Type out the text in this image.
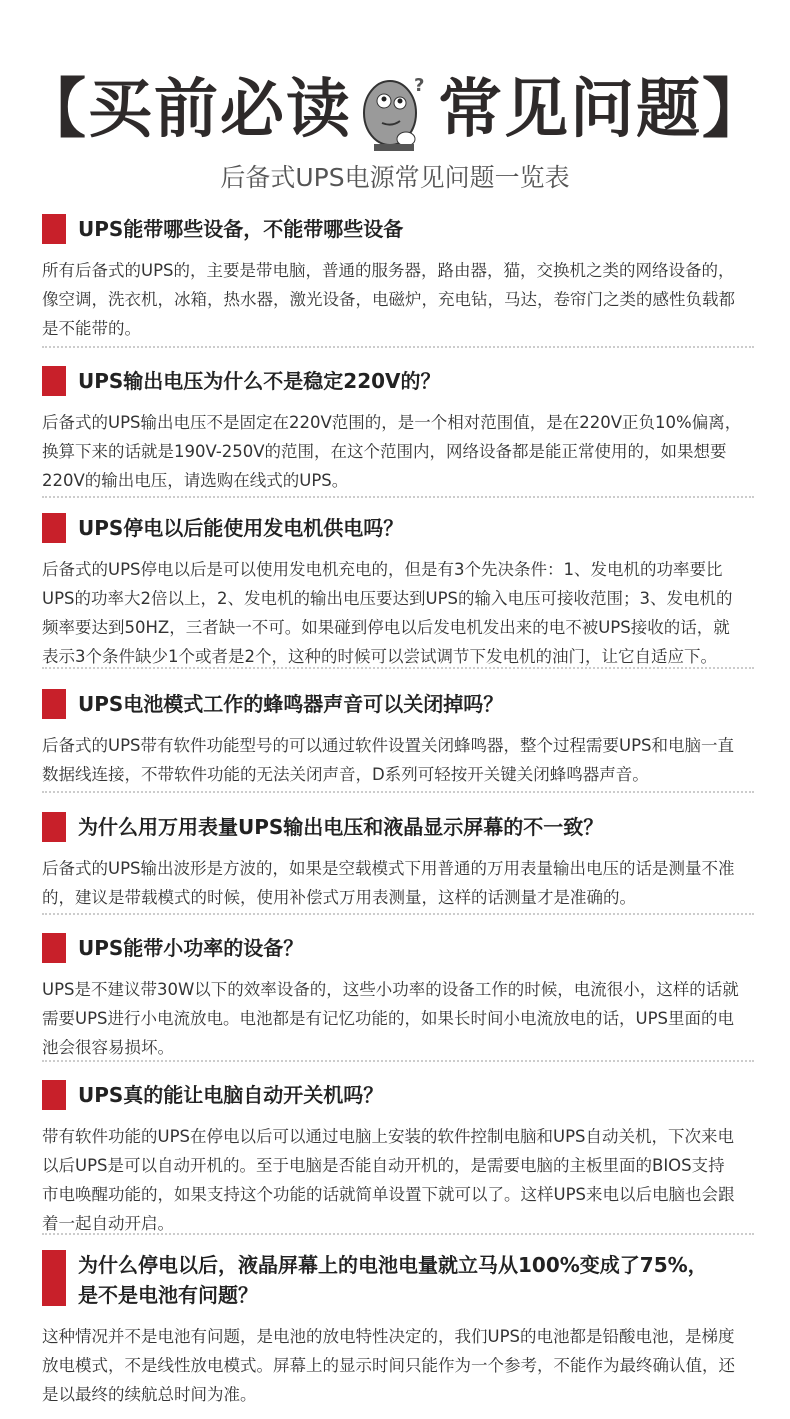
【买前必读	? 常见问题】
后备式UPS电源常见问题一览表
UPS能带哪些设备，不能带哪些设备
所有后备式的UPS的，主要是带电脑，普通的服务器，路由器，猫，交换机之类的网络设备的，
像空调，洗衣机，冰箱，热水器，激光设备，电磁炉，充电钻，马达，卷帘门之类的感性负载都
是不能带的。
UPS输出电压为什么不是稳定220V的？
后备式的UPS输出电压不是固定在220V范围的，是一个相对范围值，是在220V正负10%偏离，
换算下来的话就是190V-250V的范围，在这个范围内，网络设备都是能正常使用的，如果想要
220V的输出电压，请选购在线式的UPS。
UPS停电以后能使用发电机供电吗？
后备式的UPS停电以后是可以使用发电机充电的，但是有3个先决条件：1、发电机的功率要比
UPS的功率大2倍以上，2、发电机的输出电压要达到UPS的输入电压可接收范围；3、发电机的
频率要达到50HZ，三者缺一不可。如果碰到停电以后发电机发出来的电不被UPS接收的话，就
表示3个条件缺少1个或者是2个，这种的时候可以尝试调节下发电机的油门，让它自适应下。
UPS电池模式工作的蜂鸣器声音可以关闭掉吗？
后备式的UPS带有软件功能型号的可以通过软件设置关闭蜂鸣器，整个过程需要UPS和电脑一直
数据线连接，不带软件功能的无法关闭声音，D系列可轻按开关键关闭蜂鸣器声音。
为什么用万用表量UPS输出电压和液晶显示屏幕的不一致？
后备式的UPS输出波形是方波的，如果是空载模式下用普通的万用表量输出电压的话是测量不准
的，建议是带载模式的时候，使用补偿式万用表测量，这样的话测量才是准确的。
UPS能带小功率的设备？
UPS是不建议带30W以下的效率设备的，这些小功率的设备工作的时候，电流很小，这样的话就
需要UPS进行小电流放电。电池都是有记忆功能的，如果长时间小电流放电的话，UPS里面的电
池会很容易损坏。
UPS真的能让电脑自动开关机吗？
带有软件功能的UPS在停电以后可以通过电脑上安装的软件控制电脑和UPS自动关机，下次来电
以后UPS是可以自动开机的。至于电脑是否能自动开机的，是需要电脑的主板里面的BIOS支持
市电唤醒功能的，如果支持这个功能的话就简单设置下就可以了。这样UPS来电以后电脑也会跟
着一起自动开启。
为什么停电以后，液晶屏幕上的电池电量就立马从100%变成了75%，
是不是电池有问题？
这种情况并不是电池有问题，是电池的放电特性决定的，我们UPS的电池都是铅酸电池，是梯度
放电模式，不是线性放电模式。屏幕上的显示时间只能作为一个参考，不能作为最终确认值，还
是以最终的续航总时间为准。
